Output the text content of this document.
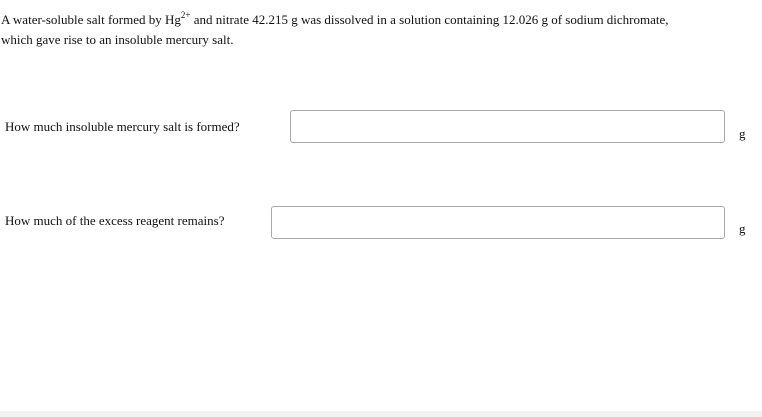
A water-soluble salt formed by $Hg^{2+}$ and nitrate 42.215 g was dissolved in a solution containing 12.026 g of sodium dichromate, which gave rise to an insoluble mercury salt.
How much insoluble mercury salt is formed?	g
How much of the excess reagent remains?
g
